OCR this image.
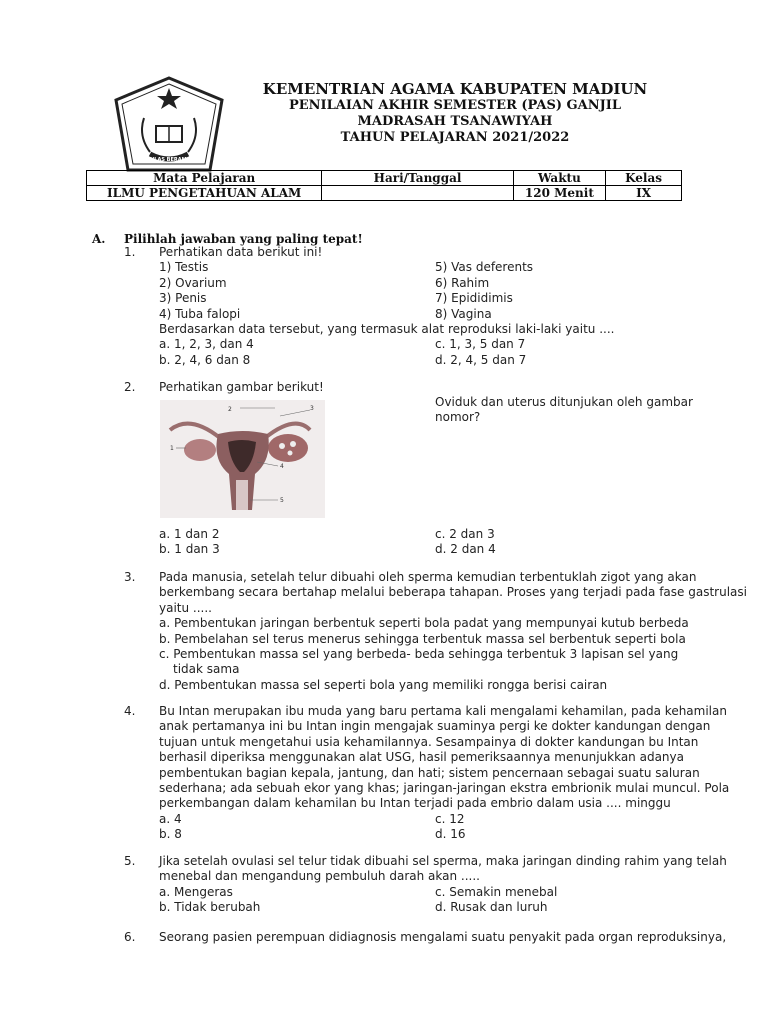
IKHLAS BERAMAL
KEMENTRIAN AGAMA KABUPATEN MADIUN
PENILAIAN AKHIR SEMESTER (PAS) GANJIL
MADRASAH TSANAWIYAH
TAHUN PELAJARAN 2021/2022
Mata Pelajaran	Hari/Tanggal	Waktu	Kelas
ILMU PENGETAHUAN ALAM		120 Menit	IX
A. Pilihlah jawaban yang paling tepat!
1. Perhatikan data berikut ini!
1) Testis	5) Vas deferents
2) Ovarium	6) Rahim
3) Penis	7) Epididimis
4) Tuba falopi	8) Vagina
Berdasarkan data tersebut, yang termasuk alat reproduksi laki-laki yaitu ....
a. 1, 2, 3, dan 4	c. 1, 3, 5 dan 7
b. 2, 4, 6 dan 8	d. 2, 4, 5 dan 7
2. Perhatikan gambar berikut!
Oviduk dan uterus ditunjukan oleh gambar
nomor?
2	3
1
4
5
a. 1 dan 2	c. 2 dan 3
b. 1 dan 3	d. 2 dan 4
3. Pada manusia, setelah telur dibuahi oleh sperma kemudian terbentuklah zigot yang akan
berkembang secara bertahap melalui beberapa tahapan. Proses yang terjadi pada fase gastrulasi
yaitu .....
a. Pembentukan jaringan berbentuk seperti bola padat yang mempunyai kutub berbeda
b. Pembelahan sel terus menerus sehingga terbentuk massa sel berbentuk seperti bola
c. Pembentukan massa sel yang berbeda- beda sehingga terbentuk 3 lapisan sel yang
tidak sama
d. Pembentukan massa sel seperti bola yang memiliki rongga berisi cairan
4. Bu Intan merupakan ibu muda yang baru pertama kali mengalami kehamilan, pada kehamilan
anak pertamanya ini bu Intan ingin mengajak suaminya pergi ke dokter kandungan dengan
tujuan untuk mengetahui usia kehamilannya. Sesampainya di dokter kandungan bu Intan
berhasil diperiksa menggunakan alat USG, hasil pemeriksaannya menunjukkan adanya
pembentukan bagian kepala, jantung, dan hati; sistem pencernaan sebagai suatu saluran
sederhana; ada sebuah ekor yang khas; jaringan-jaringan ekstra embrionik mulai muncul. Pola
perkembangan dalam kehamilan bu Intan terjadi pada embrio dalam usia .... minggu
a. 4	c. 12
b. 8	d. 16
5. Jika setelah ovulasi sel telur tidak dibuahi sel sperma, maka jaringan dinding rahim yang telah
menebal dan mengandung pembuluh darah akan .....
a. Mengeras	c. Semakin menebal
b. Tidak berubah	d. Rusak dan luruh
6. Seorang pasien perempuan didiagnosis mengalami suatu penyakit pada organ reproduksinya,
